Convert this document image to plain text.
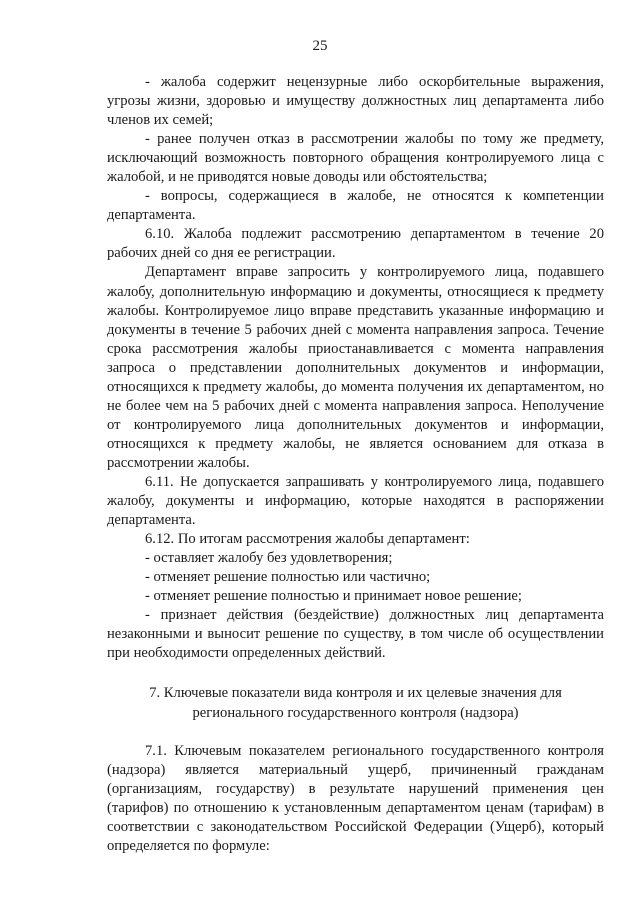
25

- жалоба содержит нецензурные либо оскорбительные выражения, угрозы жизни, здоровью и имуществу должностных лиц департамента либо членов их семей;

- ранее получен отказ в рассмотрении жалобы по тому же предмету, исключающий возможность повторного обращения контролируемого лица с жалобой, и не приводятся новые доводы или обстоятельства;

- вопросы, содержащиеся в жалобе, не относятся к компетенции департамента.

6.10. Жалоба подлежит рассмотрению департаментом в течение 20 рабочих дней со дня ее регистрации.

Департамент вправе запросить у контролируемого лица, подавшего жалобу, дополнительную информацию и документы, относящиеся к предмету жалобы. Контролируемое лицо вправе представить указанные информацию и документы в течение 5 рабочих дней с момента направления запроса. Течение срока рассмотрения жалобы приостанавливается с момента направления запроса о представлении дополнительных документов и информации, относящихся к предмету жалобы, до момента получения их департаментом, но не более чем на 5 рабочих дней с момента направления запроса. Неполучение от контролируемого лица дополнительных документов и информации, относящихся к предмету жалобы, не является основанием для отказа в рассмотрении жалобы.

6.11. Не допускается запрашивать у контролируемого лица, подавшего жалобу, документы и информацию, которые находятся в распоряжении департамента.

6.12. По итогам рассмотрения жалобы департамент:

- оставляет жалобу без удовлетворения;

- отменяет решение полностью или частично;

- отменяет решение полностью и принимает новое решение;

- признает действия (бездействие) должностных лиц департамента незаконными и выносит решение по существу, в том числе об осуществлении при необходимости определенных действий.

7. Ключевые показатели вида контроля и их целевые значения для регионального государственного контроля (надзора)

7.1. Ключевым показателем регионального государственного контроля (надзора) является материальный ущерб, причиненный гражданам (организациям, государству) в результате нарушений применения цен (тарифов) по отношению к установленным департаментом ценам (тарифам) в соответствии с законодательством Российской Федерации (Ущерб), который определяется по формуле:
